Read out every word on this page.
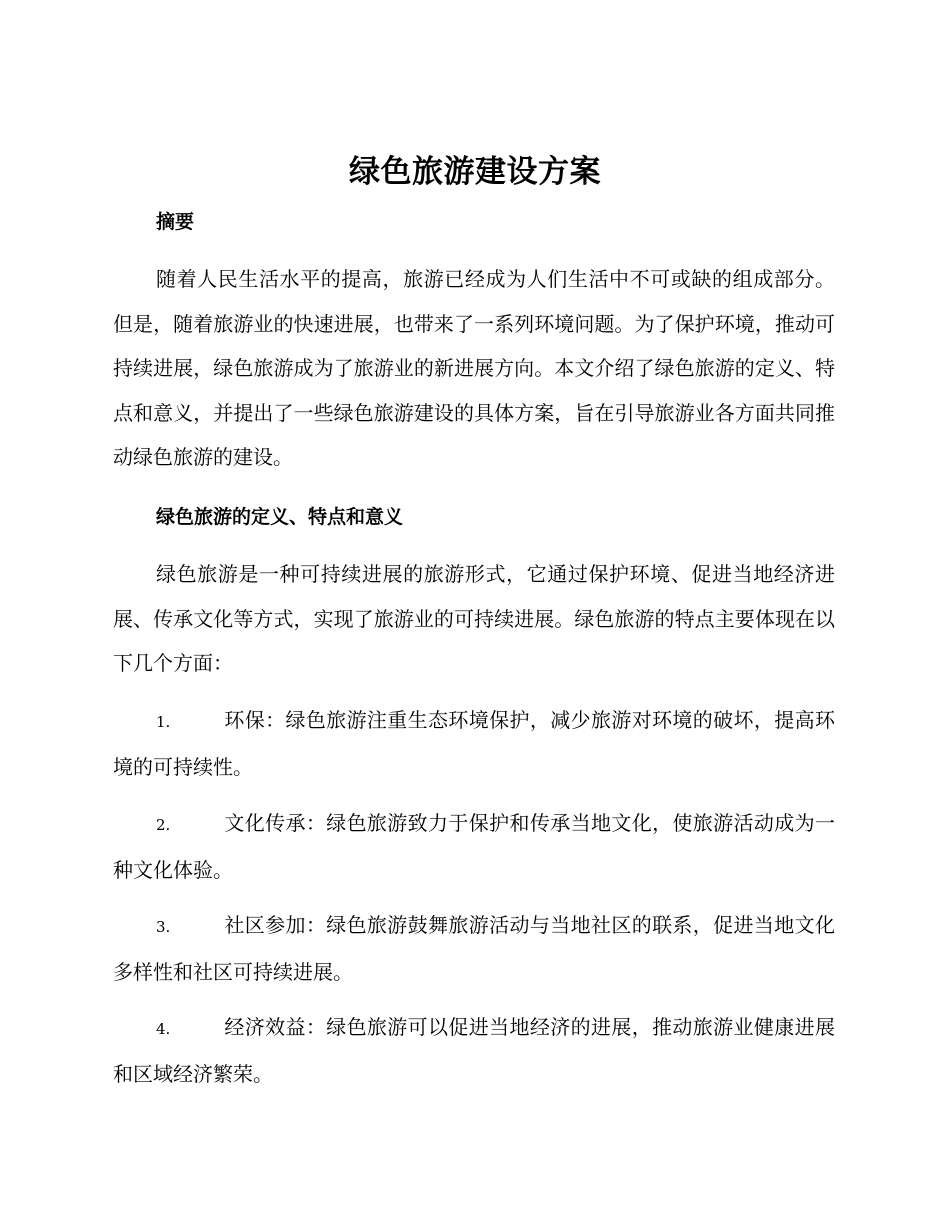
绿色旅游建设方案
摘要
随着人民生活水平的提高，旅游已经成为人们生活中不可或缺的组成部分。但是，随着旅游业的快速进展，也带来了一系列环境问题。为了保护环境，推动可持续进展，绿色旅游成为了旅游业的新进展方向。本文介绍了绿色旅游的定义、特点和意义，并提出了一些绿色旅游建设的具体方案，旨在引导旅游业各方面共同推动绿色旅游的建设。
绿色旅游的定义、特点和意义
绿色旅游是一种可持续进展的旅游形式，它通过保护环境、促进当地经济进展、传承文化等方式，实现了旅游业的可持续进展。绿色旅游的特点主要体现在以下几个方面：
1.	环保：绿色旅游注重生态环境保护，减少旅游对环境的破坏，提高环境的可持续性。
2.	文化传承：绿色旅游致力于保护和传承当地文化，使旅游活动成为一种文化体验。
3.	社区参加：绿色旅游鼓舞旅游活动与当地社区的联系，促进当地文化多样性和社区可持续进展。
4.	经济效益：绿色旅游可以促进当地经济的进展，推动旅游业健康进展和区域经济繁荣。
